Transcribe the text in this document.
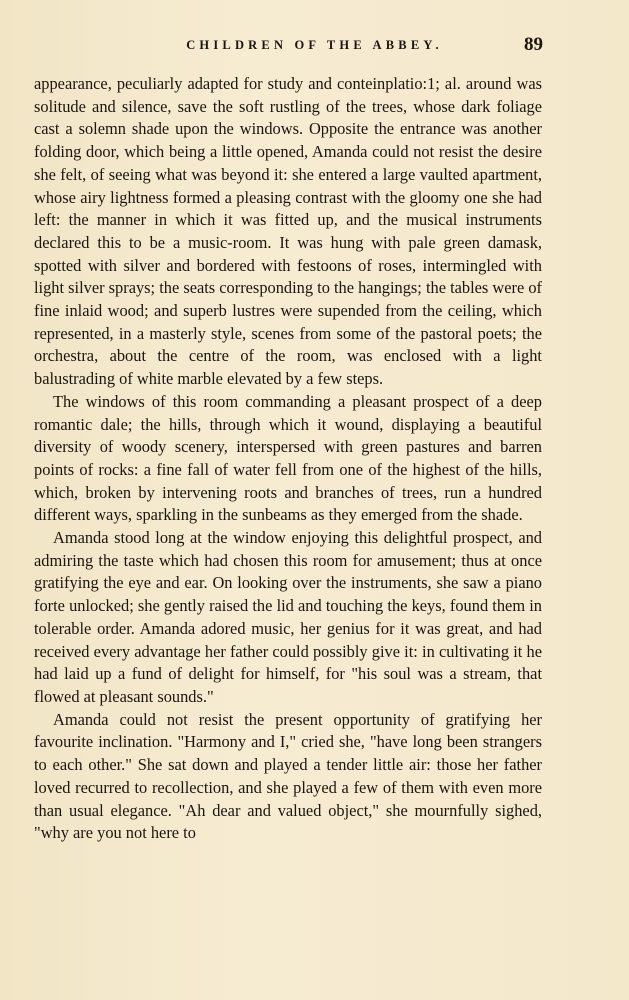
CHILDREN OF THE ABBEY.	89

appearance, peculiarly adapted for study and conteinplatio:1; al. around was solitude and silence, save the soft rustling of the trees, whose dark foliage cast a solemn shade upon the windows. Opposite the entrance was another folding door, which being a little opened, Amanda could not resist the desire she felt, of seeing what was beyond it: she entered a large vaulted apartment, whose airy lightness formed a pleasing contrast with the gloomy one she had left: the manner in which it was fitted up, and the musical instruments declared this to be a music-room. It was hung with pale green damask, spotted with silver and bordered with festoons of roses, intermingled with light silver sprays; the seats corresponding to the hangings; the tables were of fine inlaid wood; and superb lustres were supended from the ceiling, which represented, in a masterly style, scenes from some of the pastoral poets; the orchestra, about the centre of the room, was enclosed with a light balustrading of white marble elevated by a few steps.

The windows of this room commanding a pleasant prospect of a deep romantic dale; the hills, through which it wound, displaying a beautiful diversity of woody scenery, interspersed with green pastures and barren points of rocks: a fine fall of water fell from one of the highest of the hills, which, broken by intervening roots and branches of trees, run a hundred different ways, sparkling in the sunbeams as they emerged from the shade.

Amanda stood long at the window enjoying this delightful prospect, and admiring the taste which had chosen this room for amusement; thus at once gratifying the eye and ear. On looking over the instruments, she saw a piano forte unlocked; she gently raised the lid and touching the keys, found them in tolerable order. Amanda adored music, her genius for it was great, and had received every advantage her father could possibly give it: in cultivating it he had laid up a fund of delight for himself, for "his soul was a stream, that flowed at pleasant sounds."

Amanda could not resist the present opportunity of gratifying her favourite inclination. "Harmony and I," cried she, "have long been strangers to each other." She sat down and played a tender little air: those her father loved recurred to recollection, and she played a few of them with even more than usual elegance. "Ah dear and valued object," she mournfully sighed, "why are you not here to
